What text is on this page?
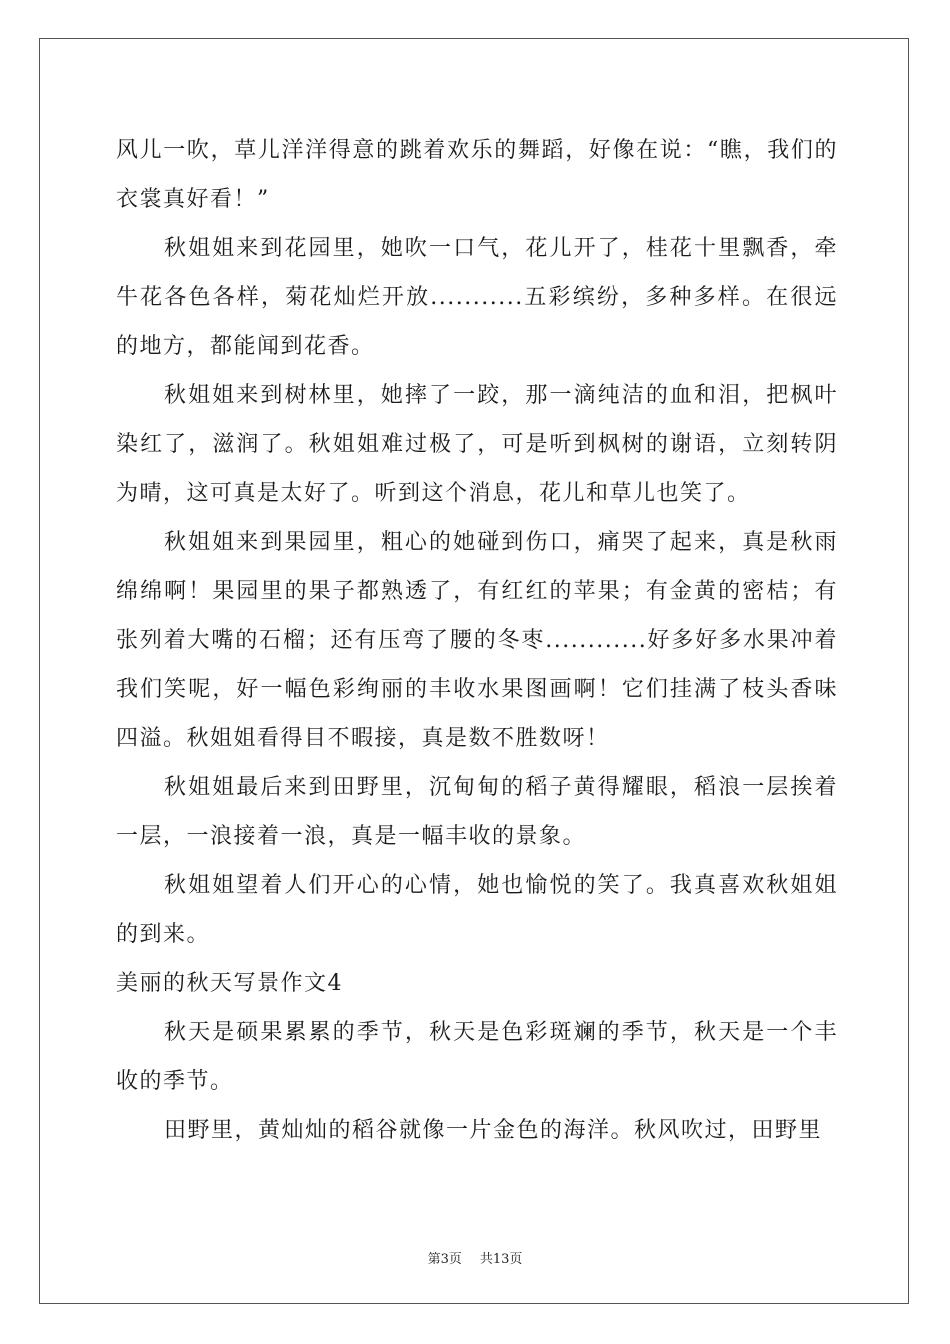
风儿一吹，草儿洋洋得意的跳着欢乐的舞蹈，好像在说：“瞧，我们的衣裳真好看！”

秋姐姐来到花园里，她吹一口气，花儿开了，桂花十里飘香，牵牛花各色各样，菊花灿烂开放...........五彩缤纷，多种多样。在很远的地方，都能闻到花香。

秋姐姐来到树林里，她摔了一跤，那一滴纯洁的血和泪，把枫叶染红了，滋润了。秋姐姐难过极了，可是听到枫树的谢语，立刻转阴为晴，这可真是太好了。听到这个消息，花儿和草儿也笑了。

秋姐姐来到果园里，粗心的她碰到伤口，痛哭了起来，真是秋雨绵绵啊！果园里的果子都熟透了，有红红的苹果；有金黄的密桔；有张列着大嘴的石榴；还有压弯了腰的冬枣............好多好多水果冲着我们笑呢，好一幅色彩绚丽的丰收水果图画啊！它们挂满了枝头香味四溢。秋姐姐看得目不暇接，真是数不胜数呀！

秋姐姐最后来到田野里，沉甸甸的稻子黄得耀眼，稻浪一层挨着一层，一浪接着一浪，真是一幅丰收的景象。

秋姐姐望着人们开心的心情，她也愉悦的笑了。我真喜欢秋姐姐的到来。

美丽的秋天写景作文4

秋天是硕果累累的季节，秋天是色彩斑斓的季节，秋天是一个丰收的季节。

田野里，黄灿灿的稻谷就像一片金色的海洋。秋风吹过，田野里

第3页 共13页
